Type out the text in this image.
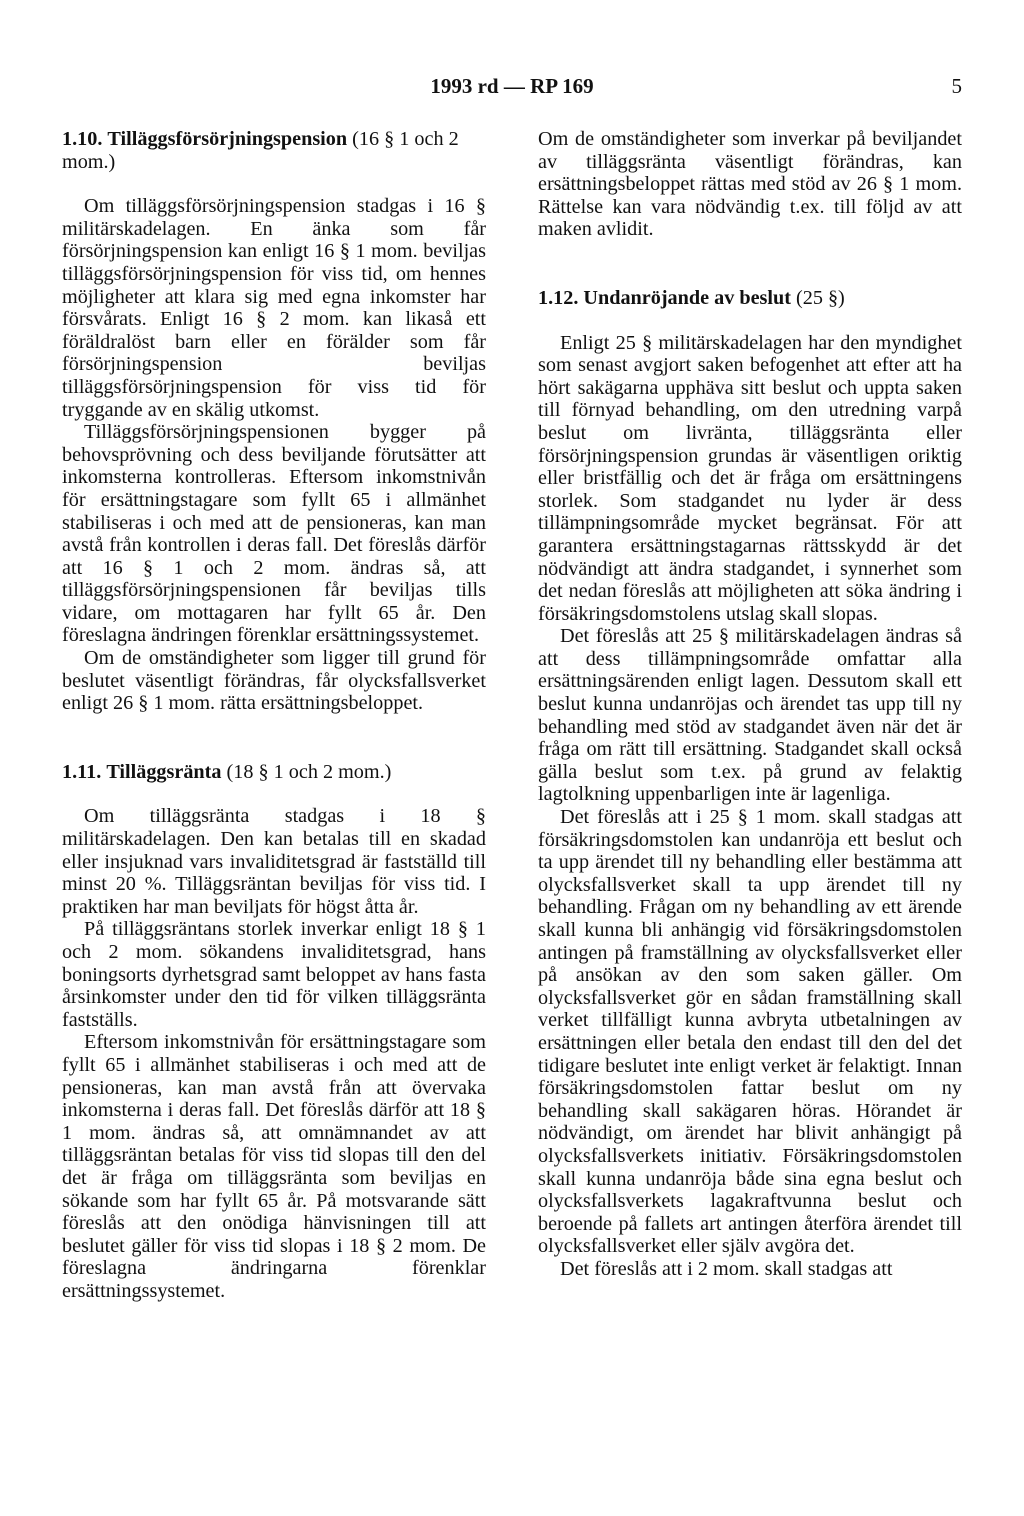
1993 rd — RP 169	5
1.10. Tilläggsförsörjningspension (16 § 1 och 2 mom.)

Om tilläggsförsörjningspension stadgas i 16 § militärskadelagen. En änka som får försörjningspension kan enligt 16 § 1 mom. beviljas tilläggsförsörjningspension för viss tid, om hennes möjligheter att klara sig med egna inkomster har försvårats. Enligt 16 § 2 mom. kan likaså ett föräldralöst barn eller en förälder som får försörjningspension beviljas tilläggsförsörjningspension för viss tid för tryggande av en skälig utkomst.

Tilläggsförsörjningspensionen bygger på behovsprövning och dess beviljande förutsätter att inkomsterna kontrolleras. Eftersom inkomstnivån för ersättningstagare som fyllt 65 i allmänhet stabiliseras i och med att de pensioneras, kan man avstå från kontrollen i deras fall. Det föreslås därför att 16 § 1 och 2 mom. ändras så, att tilläggsförsörjningspensionen får beviljas tills vidare, om mottagaren har fyllt 65 år. Den föreslagna ändringen förenklar ersättningssystemet.

Om de omständigheter som ligger till grund för beslutet väsentligt förändras, får olycksfallsverket enligt 26 § 1 mom. rätta ersättningsbeloppet.

1.11. Tilläggsränta (18 § 1 och 2 mom.)

Om tilläggsränta stadgas i 18 § militärskadelagen. Den kan betalas till en skadad eller insjuknad vars invaliditetsgrad är fastställd till minst 20 %. Tilläggsräntan beviljas för viss tid. I praktiken har man beviljats för högst åtta år.

På tilläggsräntans storlek inverkar enligt 18 § 1 och 2 mom. sökandens invaliditetsgrad, hans boningsorts dyrhetsgrad samt beloppet av hans fasta årsinkomster under den tid för vilken tilläggsränta fastställs.

Eftersom inkomstnivån för ersättningstagare som fyllt 65 i allmänhet stabiliseras i och med att de pensioneras, kan man avstå från att övervaka inkomsterna i deras fall. Det föreslås därför att 18 § 1 mom. ändras så, att omnämnandet av att tilläggsräntan betalas för viss tid slopas till den del det är fråga om tilläggsränta som beviljas en sökande som har fyllt 65 år. På motsvarande sätt föreslås att den onödiga hänvisningen till att beslutet gäller för viss tid slopas i 18 § 2 mom. De föreslagna ändringarna förenklar ersättningssystemet.

Om de omständigheter som inverkar på beviljandet av tilläggsränta väsentligt förändras, kan ersättningsbeloppet rättas med stöd av 26 § 1 mom. Rättelse kan vara nödvändig t.ex. till följd av att maken avlidit.

1.12. Undanröjande av beslut (25 §)

Enligt 25 § militärskadelagen har den myndighet som senast avgjort saken befogenhet att efter att ha hört sakägarna upphäva sitt beslut och uppta saken till förnyad behandling, om den utredning varpå beslut om livränta, tilläggsränta eller försörjningspension grundas är väsentligen oriktig eller bristfällig och det är fråga om ersättningens storlek. Som stadgandet nu lyder är dess tillämpningsområde mycket begränsat. För att garantera ersättningstagarnas rättsskydd är det nödvändigt att ändra stadgandet, i synnerhet som det nedan föreslås att möjligheten att söka ändring i försäkringsdomstolens utslag skall slopas.

Det föreslås att 25 § militärskadelagen ändras så att dess tillämpningsområde omfattar alla ersättningsärenden enligt lagen. Dessutom skall ett beslut kunna undanröjas och ärendet tas upp till ny behandling med stöd av stadgandet även när det är fråga om rätt till ersättning. Stadgandet skall också gälla beslut som t.ex. på grund av felaktig lagtolkning uppenbarligen inte är lagenliga.

Det föreslås att i 25 § 1 mom. skall stadgas att försäkringsdomstolen kan undanröja ett beslut och ta upp ärendet till ny behandling eller bestämma att olycksfallsverket skall ta upp ärendet till ny behandling. Frågan om ny behandling av ett ärende skall kunna bli anhängig vid försäkringsdomstolen antingen på framställning av olycksfallsverket eller på ansökan av den som saken gäller. Om olycksfallsverket gör en sådan framställning skall verket tillfälligt kunna avbryta utbetalningen av ersättningen eller betala den endast till den del det tidigare beslutet inte enligt verket är felaktigt. Innan försäkringsdomstolen fattar beslut om ny behandling skall sakägaren höras. Hörandet är nödvändigt, om ärendet har blivit anhängigt på olycksfallsverkets initiativ. Försäkringsdomstolen skall kunna undanröja både sina egna beslut och olycksfallsverkets lagakraftvunna beslut och beroende på fallets art antingen återföra ärendet till olycksfallsverket eller själv avgöra det.

Det föreslås att i 2 mom. skall stadgas att
